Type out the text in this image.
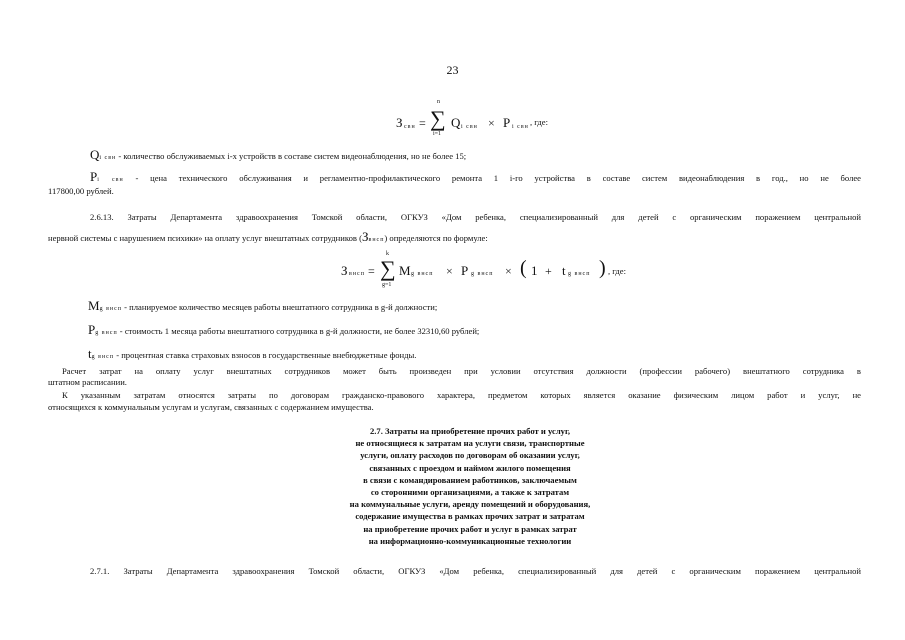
23
З свн =
n
∑
i=1
Q i свн × P i свн , где:
Qi свн - количество обслуживаемых i-х устройств в составе систем видеонаблюдения, но не более 15;
Pi свн - цена технического обслуживания и регламентно-профилактического ремонта 1 i-го устройства в составе систем видеонаблюдения в год., но не более
117800,00 рублей.
2.6.13. Затраты Департамента здравоохранения Томской области, ОГКУЗ «Дом ребенка, специализированный для детей с органическим поражением центральной
нервной системы с нарушением психики» на оплату услуг внештатных сотрудников (Звнсп) определяются по формуле:
З внсп =
k
∑
g=1
M g внсп × P g внсп × ( 1 + t g внсп ) , где:
Mg внсп - планируемое количество месяцев работы внештатного сотрудника в g-й должности;
Pg внсп - стоимость 1 месяца работы внештатного сотрудника в g-й должности, не более 32310,60 рублей;
tg внсп - процентная ставка страховых взносов в государственные внебюджетные фонды.
Расчет затрат на оплату услуг внештатных сотрудников может быть произведен при условии отсутствия должности (профессии рабочего) внештатного сотрудника в
штатном расписании.
К указанным затратам относятся затраты по договорам гражданско-правового характера, предметом которых является оказание физическим лицом работ и услуг, не
относящихся к коммунальным услугам и услугам, связанных с содержанием имущества.
2.7. Затраты на приобретение прочих работ и услуг,
не относящиеся к затратам на услуги связи, транспортные
услуги, оплату расходов по договорам об оказании услуг,
связанных с проездом и наймом жилого помещения
в связи с командированием работников, заключаемым
со сторонними организациями, а также к затратам
на коммунальные услуги, аренду помещений и оборудования,
содержание имущества в рамках прочих затрат и затратам
на приобретение прочих работ и услуг в рамках затрат
на информационно-коммуникационные технологии
2.7.1. Затраты Департамента здравоохранения Томской области, ОГКУЗ «Дом ребенка, специализированный для детей с органическим поражением центральной
